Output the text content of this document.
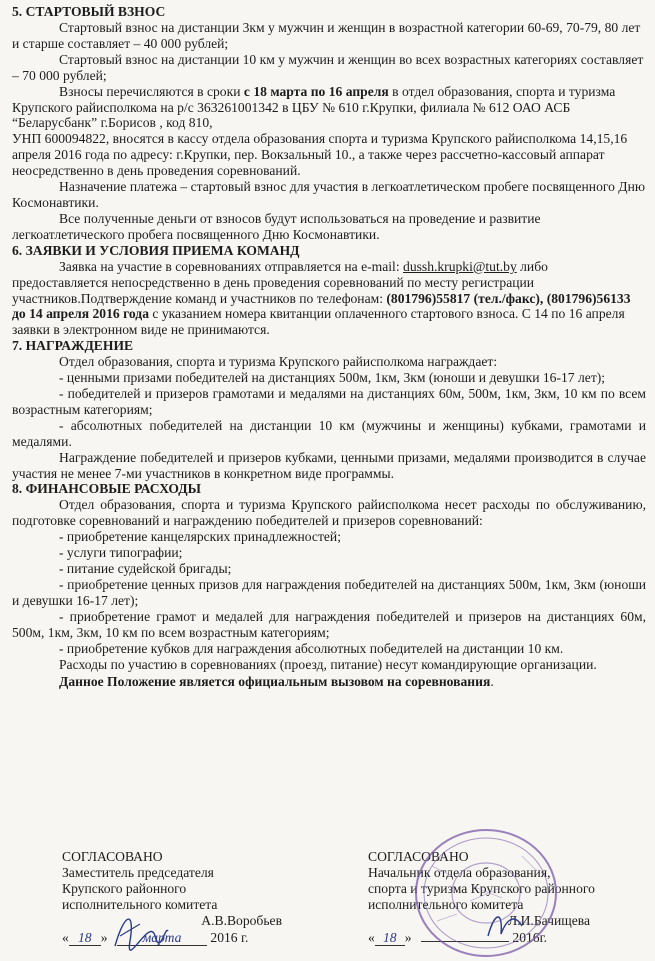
5. СТАРТОВЫЙ ВЗНОС

Стартовый взнос на дистанции 3км у мужчин и женщин в возрастной категории 60-69, 70-79, 80 лет и старше составляет – 40 000 рублей;

Стартовый взнос на дистанции 10 км у мужчин и женщин во всех возрастных категориях составляет – 70 000 рублей;

Взносы перечисляются в сроки с 18 марта по 16 апреля в отдел образования, спорта и туризма Крупского райисполкома на р/с 363261001342 в ЦБУ № 610 г.Крупки, филиала № 612 ОАО АСБ “Беларусбанк” г.Борисов , код 810,

УНП 600094822, вносятся в кассу отдела образования спорта и туризма Крупского райисполкома 14,15,16 апреля 2016 года по адресу: г.Крупки, пер. Вокзальный 10., а также через рассчетно-кассовый аппарат неосредственно в день проведения соревнований.

Назначение платежа – стартовый взнос для участия в легкоатлетическом пробеге посвященного Дню Космонавтики.

Все полученные деньги от взносов будут использоваться на проведение и развитие легкоатлетического пробега посвященного Дню Космонавтики.

6. ЗАЯВКИ И УСЛОВИЯ ПРИЕМА КОМАНД

Заявка на участие в соревнованиях отправляется на e-mail: dussh.krupki@tut.by либо предоставляется непосредственно в день проведения соревнований по месту регистрации участников.Подтверждение команд и участников по телефонам: (801796)55817 (тел./факс), (801796)56133 до 14 апреля 2016 года с указанием номера квитанции оплаченного стартового взноса. С 14 по 16 апреля заявки в электронном виде не принимаются.

7. НАГРАЖДЕНИЕ

Отдел образования, спорта и туризма Крупского райисполкома награждает:

- ценными призами победителей на дистанциях 500м, 1км, 3км (юноши и девушки 16-17 лет);

- победителей и призеров грамотами и медалями на дистанциях 60м, 500м, 1км, 3км, 10 км по всем возрастным категориям;

- абсолютных победителей на дистанции 10 км (мужчины и женщины) кубками, грамотами и медалями.

Награждение победителей и призеров кубками, ценными призами, медалями производится в случае участия не менее 7-ми участников в конкретном виде программы.

8. ФИНАНСОВЫЕ РАСХОДЫ

Отдел образования, спорта и туризма Крупского райисполкома несет расходы по обслуживанию, подготовке соревнований и награждению победителей и призеров соревнований:

- приобретение канцелярских принадлежностей;

- услуги типографии;

- питание судейской бригады;

- приобретение ценных призов для награждения победителей на дистанциях 500м, 1км, 3км (юноши и девушки 16-17 лет);

- приобретение грамот и медалей для награждения победителей и призеров на дистанциях 60м, 500м, 1км, 3км, 10 км по всем возрастным категориям;

- приобретение кубков для награждения абсолютных победителей на дистанции 10 км.

Расходы по участию в соревнованиях (проезд, питание) несут командирующие организации.

Данное Положение является официальным вызовом на соревнования.

СОГЛАСОВАНО
Заместитель председателя
Крупского районного
исполнительного комитета
А.В.Воробьев
« 18 »	марта 2016 г.
СОГЛАСОВАНО
Начальник отдела образования,
спорта и туризма Крупского районного
исполнительного комитета
Л.И.Бачищева
« 18 »	2016г.
